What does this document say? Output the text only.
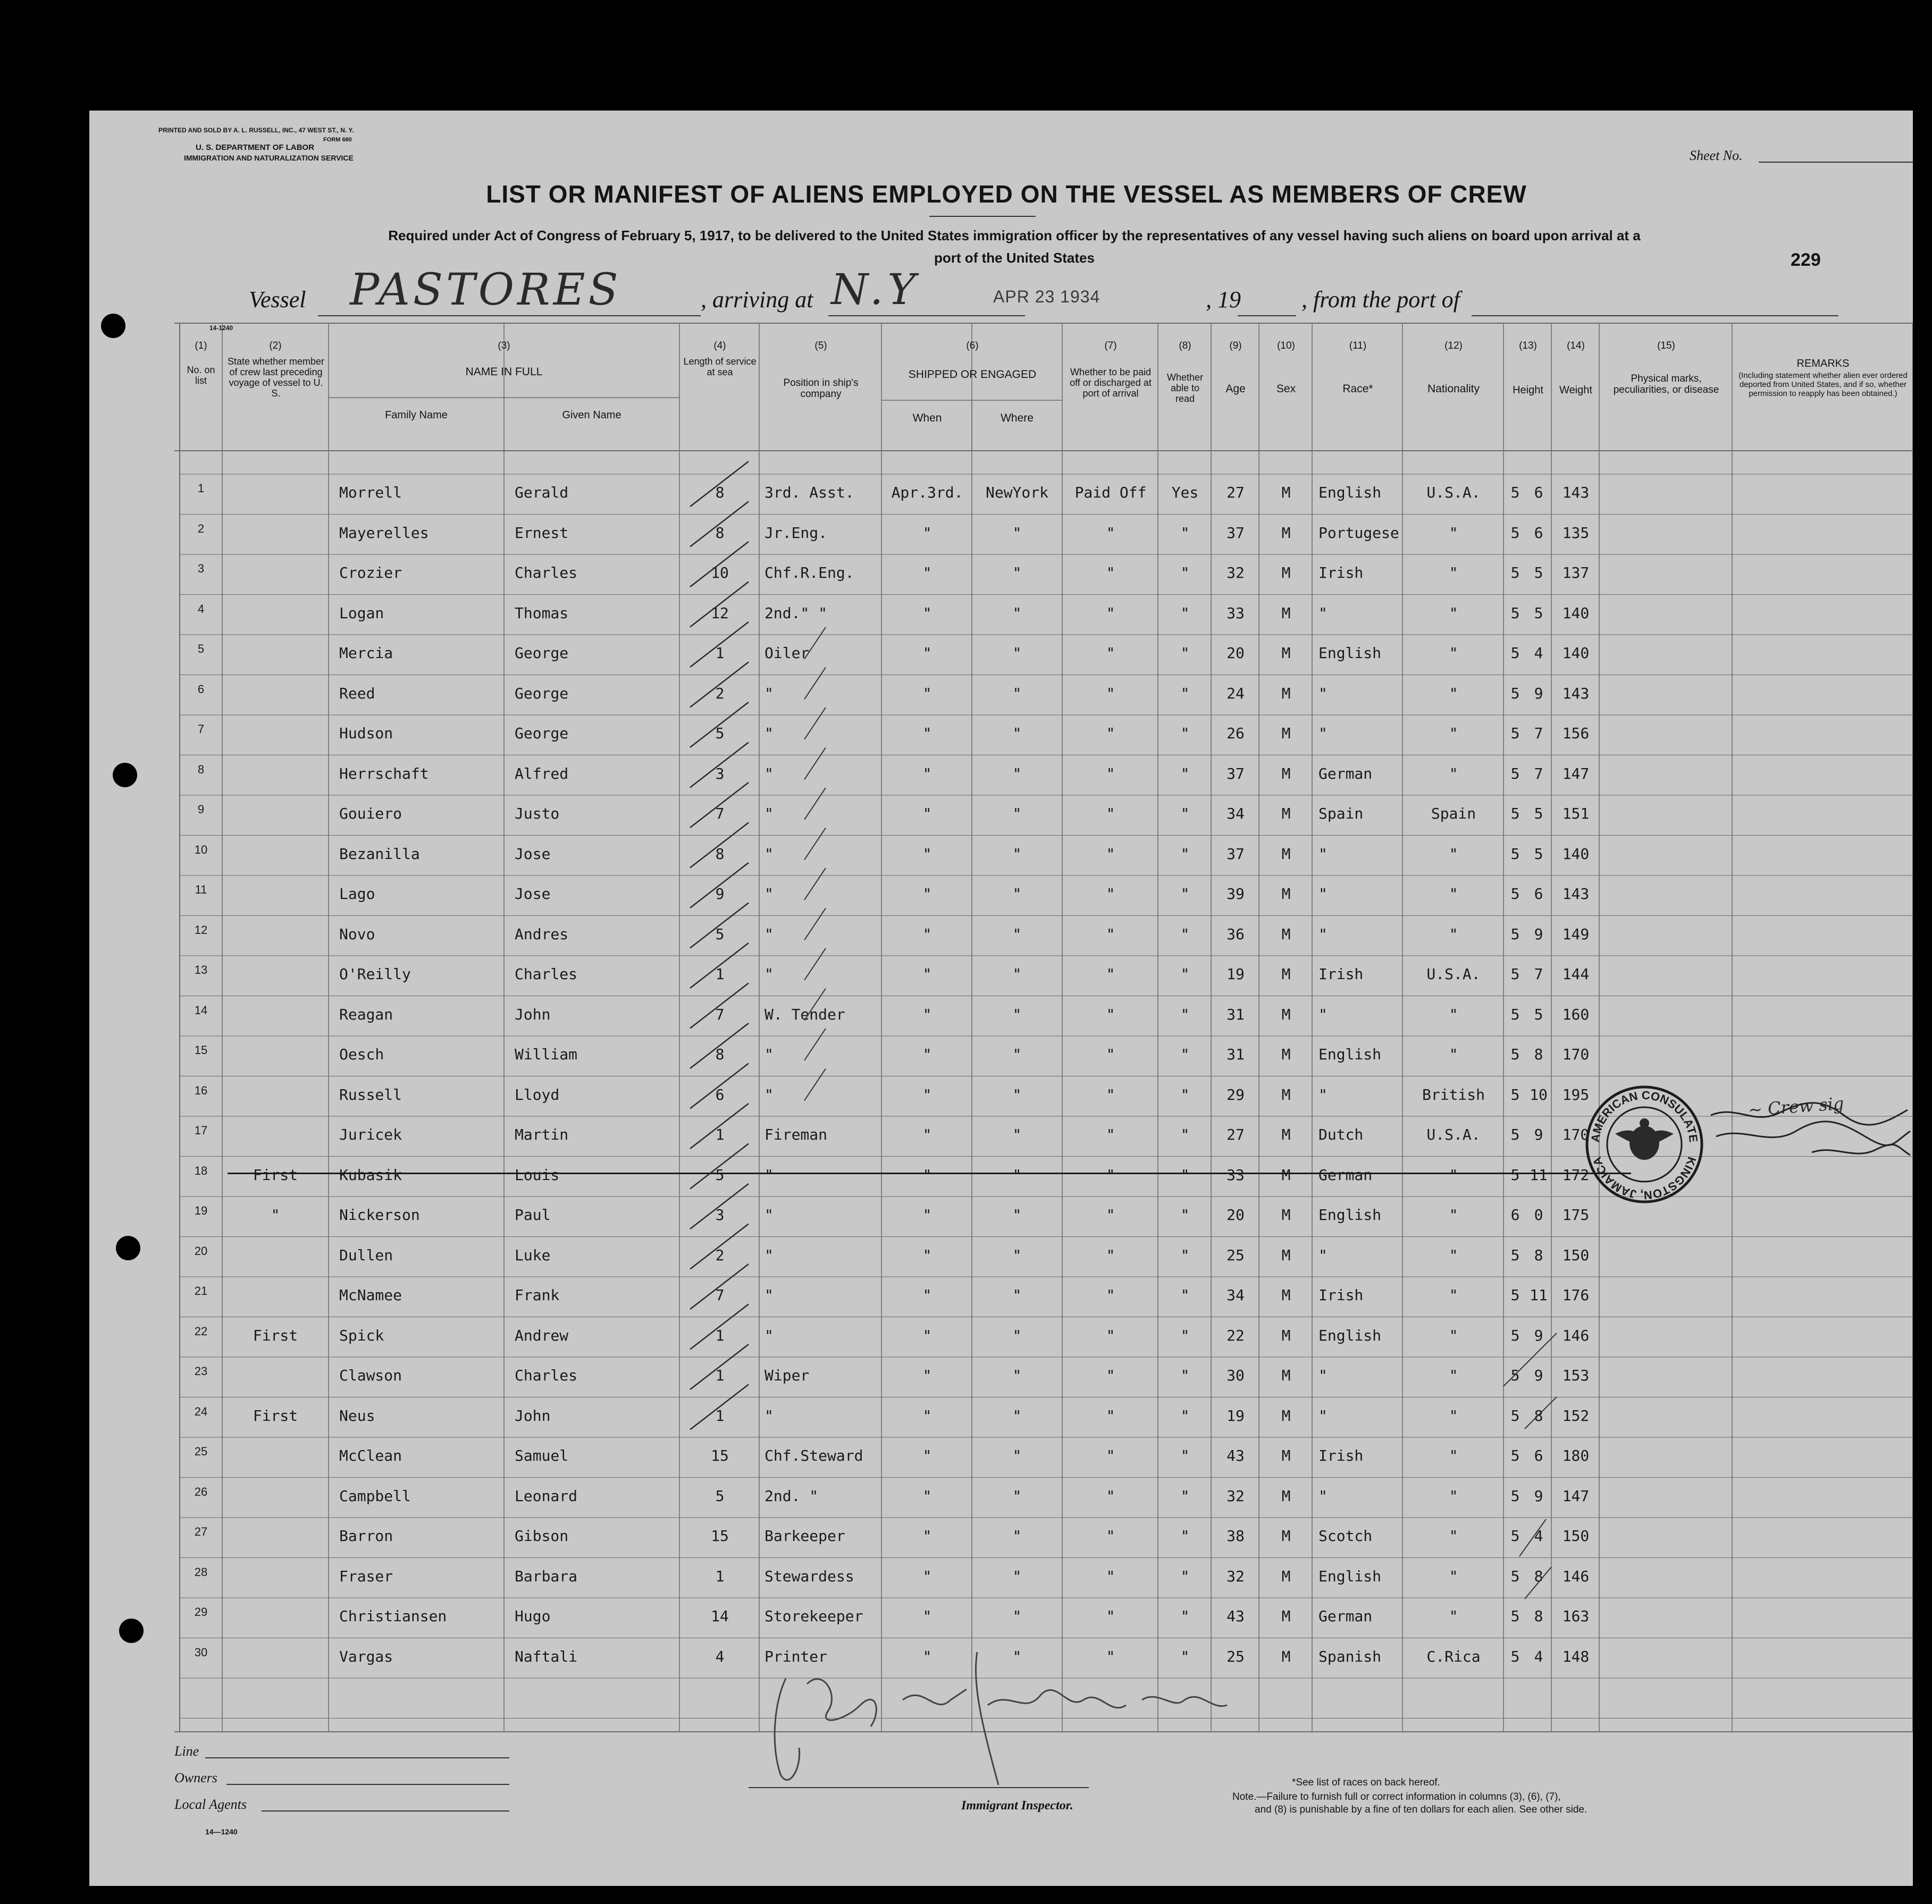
PRINTED AND SOLD BY A. L. RUSSELL, INC., 47 WEST ST., N. Y.
FORM 680
U. S. DEPARTMENT OF LABOR
IMMIGRATION AND NATURALIZATION SERVICE	Sheet No.
LIST OR MANIFEST OF ALIENS EMPLOYED ON THE VESSEL AS MEMBERS OF CREW
Required under Act of Congress of February 5, 1917, to be delivered to the United States immigration officer by the representatives of any vessel having such aliens on board upon arrival at a
port of the United States	229
Vessel PASTORES	, arriving at N.Y	APR 23 1934	, 19	, from the port of
14-1240
(1)
No. on list
(2)
State whether member of crew last preceding voyage of vessel to U. S.
(3)
NAME IN FULL
Family Name	Given Name
(4)
Length of service at sea
(5)
Position in ship's company
(6)
SHIPPED OR ENGAGED
When	Where
(7)
Whether to be paid off or discharged at port of arrival
(8)
Whether able to read
(9)
Age
(10)
Sex
(11)
Race*
(12)
Nationality
(13)
Height
(14)
Weight
(15)
Physical marks, peculiarities, or disease
REMARKS
(Including statement whether alien ever ordered deported from United States, and if so, whether permission to reapply has been obtained.)
1	Morrell	Gerald	8	3rd. Asst.	Apr.3rd.	NewYork	Paid Off	Yes	27	M	English	U.S.A.	5 6	143
2	Mayerelles	Ernest	8	Jr.Eng.	"	"	"	"	37	M	Portugese	"	5 6	135
3	Crozier	Charles	10	Chf.R.Eng.	"	"	"	"	32	M	Irish	"	5 5	137
4	Logan	Thomas	12	2nd." "	"	"	"	"	33	M	"	"	5 5	140
5	Mercia	George	1	Oiler	"	"	"	"	20	M	English	"	5 4	140
6	Reed	George	2	"	"	"	"	"	24	M	"	"	5 9	143
7	Hudson	George	5	"	"	"	"	"	26	M	"	"	5 7	156
8	Herrschaft	Alfred	3	"	"	"	"	"	37	M	German	"	5 7	147
9	Gouiero	Justo	7	"	"	"	"	"	34	M	Spain	Spain	5 5	151
10	Bezanilla	Jose	8	"	"	"	"	"	37	M	"	"	5 5	140
11	Lago	Jose	9	"	"	"	"	"	39	M	"	"	5 6	143
12	Novo	Andres	5	"	"	"	"	"	36	M	"	"	5 9	149
13	O'Reilly	Charles	1	"	"	"	"	"	19	M	Irish	U.S.A.	5 7	144
14	Reagan	John	7	W. Tender	"	"	"	"	31	M	"	"	5 5	160
15	Oesch	William	8	"	"	"	"	"	31	M	English	"	5 8	170
16	Russell	Lloyd	6	"	"	"	"	"	29	M	"	British	5 10 195
17	Juricek	Martin	1	Fireman	"	"	"	"	27	M	Dutch	U.S.A.	5 9	170
18	First	Kubasik	Louis	5	"	"	"	"	"	33	M	German	"	5 11 172
19	"	Nickerson	Paul	3	"	"	"	"	"	20	M	English	"	6 0	175
20	Dullen	Luke	2	"	"	"	"	"	25	M	"	"	5 8	150
21	McNamee	Frank	7	"	"	"	"	"	34	M	Irish	"	5 11 176
22	First	Spick	Andrew	1	"	"	"	"	"	22	M	English	"	5 9	146
23	Clawson	Charles	1	Wiper	"	"	"	"	30	M	"	"	5 9	153
24	First	Neus	John	1	"	"	"	"	"	19	M	"	"	5 8	152
25	McClean	Samuel	15	Chf.Steward	"	"	"	"	43	M	Irish	"	5 6	180
26	Campbell	Leonard	5	2nd. "	"	"	"	"	32	M	"	"	5 9	147
27	Barron	Gibson	15	Barkeeper	"	"	"	"	38	M	Scotch	"	5 4	150
28	Fraser	Barbara	1	Stewardess	"	"	"	"	32	M	English	"	5 8	146
29	Christiansen	Hugo	14	Storekeeper	"	"	"	"	43	M	German	"	5 8	163
30	Vargas	Naftali	4	Printer	"	"	"	"	25	M	Spanish	C.Rica	5 4	148
AMERICAN CONSULATE
KINGSTON, JAMAICA
~ Cr​ew sig
Line
Owners
Local Agents
14—1240
Immigrant Inspector.
*See list of races on back hereof.
Note.—Failure to furnish full or correct information in columns (3), (6), (7),
and (8) is punishable by a fine of ten dollars for each alien. See other side.
